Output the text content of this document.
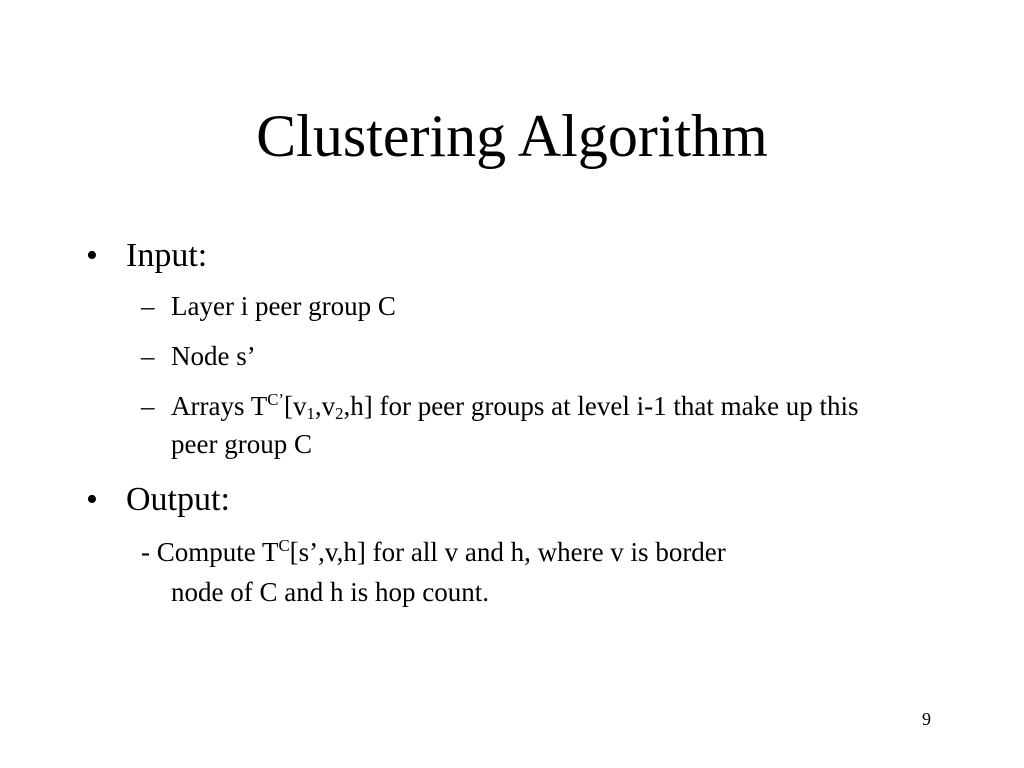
Clustering Algorithm
• Input:
– Layer i peer group C
– Node s’
– Arrays $T^{C’}[v_1,v_2,h]$ for peer groups at level i-1 that make up this peer group C
• Output:
- Compute $T^C[s’,v,h]$ for all v and h, where v is border
node of C and h is hop count.
9
